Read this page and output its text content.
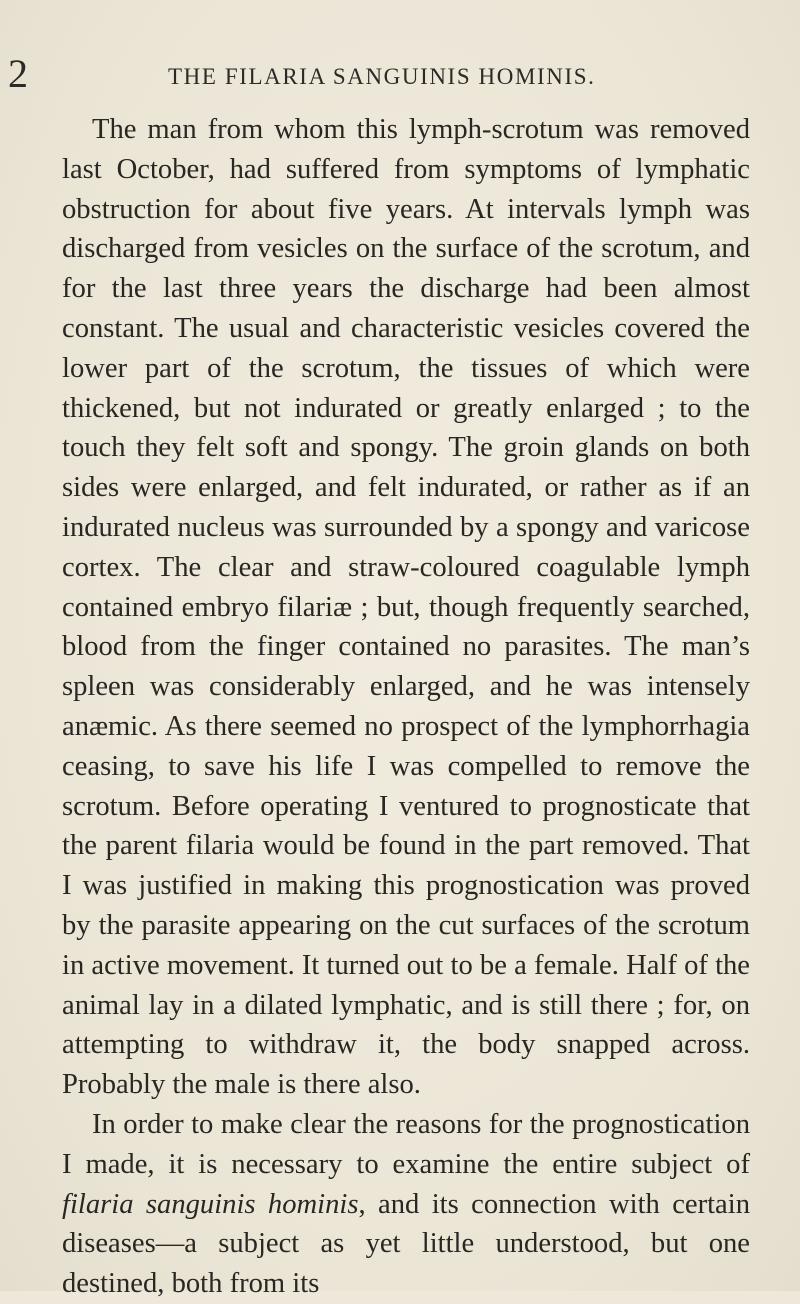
2	THE FILARIA SANGUINIS HOMINIS.

The man from whom this lymph-scrotum was removed last October, had suffered from symptoms of lymphatic obstruction for about five years. At intervals lymph was discharged from vesicles on the surface of the scrotum, and for the last three years the discharge had been almost constant. The usual and characteristic vesicles covered the lower part of the scrotum, the tissues of which were thickened, but not indurated or greatly enlarged ; to the touch they felt soft and spongy. The groin glands on both sides were enlarged, and felt indurated, or rather as if an indurated nucleus was surrounded by a spongy and varicose cortex. The clear and straw-coloured coagulable lymph contained embryo filariæ ; but, though frequently searched, blood from the finger contained no parasites. The man’s spleen was considerably enlarged, and he was intensely anæmic. As there seemed no prospect of the lymphorrhagia ceasing, to save his life I was compelled to remove the scrotum. Before operating I ventured to prognosticate that the parent filaria would be found in the part removed. That I was justified in making this prognostication was proved by the parasite appearing on the cut surfaces of the scrotum in active movement. It turned out to be a female. Half of the animal lay in a dilated lymphatic, and is still there ; for, on attempting to withdraw it, the body snapped across. Probably the male is there also.

In order to make clear the reasons for the prognostication I made, it is necessary to examine the entire subject of filaria sanguinis hominis, and its connection with certain diseases—a subject as yet little understood, but one destined, both from its
